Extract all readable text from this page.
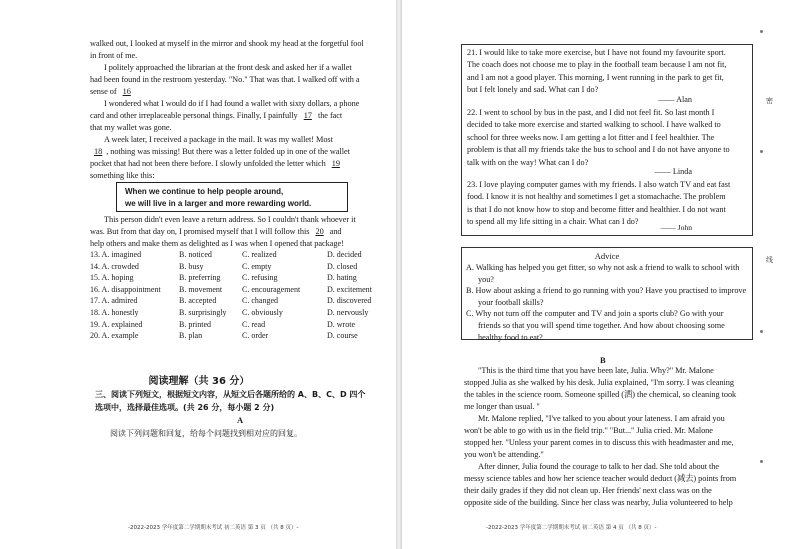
walked out, I looked at myself in the mirror and shook my head at the forgetful fool
in front of me.
I politely approached the librarian at the front desk and asked her if a wallet
had been found in the restroom yesterday. "No." That was that. I walked off with a
sense of 16
I wondered what I would do if I had found a wallet with sixty dollars, a phone
card and other irreplaceable personal things. Finally, I painfully 17 the fact
that my wallet was gone.
A week later, I received a package in the mail. It was my wallet! Most
18 , nothing was missing! But there was a letter folded up in one of the wallet
pocket that had not been there before. I slowly unfolded the letter which 19
something like this:
When we continue to help people around,
we will live in a larger and more rewarding world.
This person didn't even leave a return address. So I couldn't thank whoever it
was. But from that day on, I promised myself that I will follow this 20 and
help others and make them as delighted as I was when I opened that package!
13. A. imagined	B. noticed	C. realized	D. decided
14. A. crowded	B. busy	C. empty	D. closed
15. A. hoping	B. preferring	C. refusing	D. hating
16. A. disappointment	B. movement	C. encouragement	D. excitement
17. A. admired	B. accepted	C. changed	D. discovered
18. A. honestly	B. surprisingly	C. obviously	D. nervously
19. A. explained	B. printed	C. read	D. wrote
20. A. example	B. plan	C. order	D. course
阅读理解（共 36 分）
三、阅读下列短文，根据短文内容，从短文后各题所给的 A、B、C、D 四个
选项中，选择最佳选项。(共 26 分，每小题 2 分)
A
阅读下列问题和回复，给每个问题找到相对应的回复。
-2022-2023 学年度第二学期期末考试 初二英语 第 3 页 （共 8 页）-
21. I would like to take more exercise, but I have not found my favourite sport.
The coach does not choose me to play in the football team because I am not fit,
and I am not a good player. This morning, I went running in the park to get fit,
but I felt lonely and sad. What can I do?
—— Alan
22. I went to school by bus in the past, and I did not feel fit. So last month I
decided to take more exercise and started walking to school. I have walked to
school for three weeks now. I am getting a lot fitter and I feel healthier. The
problem is that all my friends take the bus to school and I do not have anyone to
talk with on the way! What can I do?
—— Linda
23. I love playing computer games with my friends. I also watch TV and eat fast
food. I know it is not healthy and sometimes I get a stomachache. The problem
is that I do not know how to stop and become fitter and healthier. I do not want
to spend all my life sitting in a chair. What can I do?
—— John
Advice
A. Walking has helped you get fitter, so why not ask a friend to walk to school with you?
B. How about asking a friend to go running with you? Have you practised to improve your football skills?
C. Why not turn off the computer and TV and join a sports club? Go with your friends so that you will spend time together. And how about choosing some healthy food to eat?
B
"This is the third time that you have been late, Julia. Why?" Mr. Malone
stopped Julia as she walked by his desk. Julia explained, "I'm sorry. I was cleaning
the tables in the science room. Someone spilled (洒) the chemical, so cleaning took
me longer than usual. "
Mr. Malone replied, "I've talked to you about your lateness. I am afraid you
won't be able to go with us in the field trip." "But..." Julia cried. Mr. Malone
stopped her. "Unless your parent comes in to discuss this with headmaster and me,
you won't be attending."
After dinner, Julia found the courage to talk to her dad. She told about the
messy science tables and how her science teacher would deduct (减去) points from
their daily grades if they did not clean up. Her friends' next class was on the
opposite side of the building. Since her class was nearby, Julia volunteered to help
-2022-2023 学年度第二学期期末考试 初二英语 第 4 页 （共 8 页）-
密
线
